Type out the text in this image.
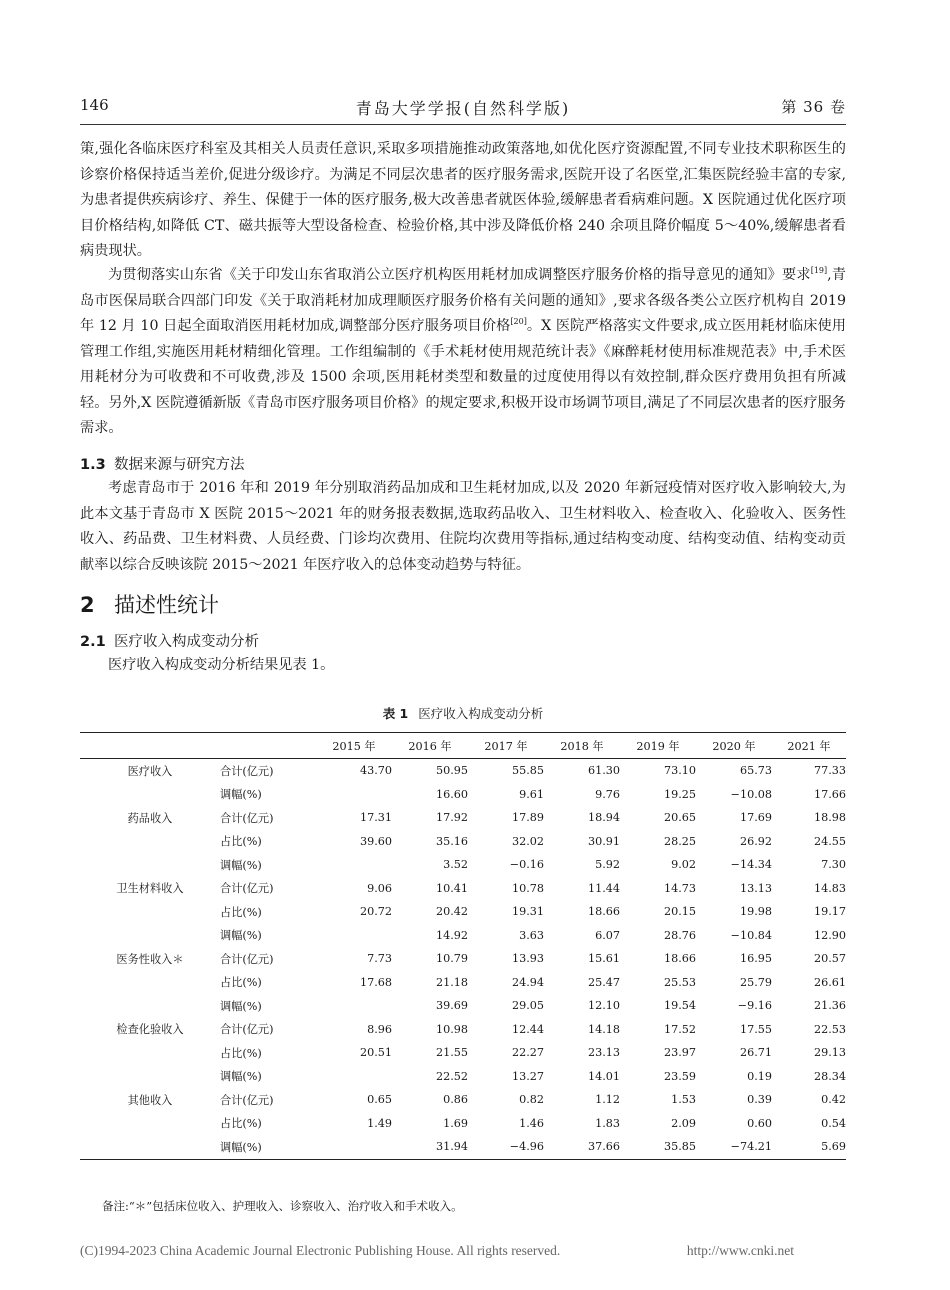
146	青岛大学学报(自然科学版)	第 36 卷

策,强化各临床医疗科室及其相关人员责任意识,采取多项措施推动政策落地,如优化医疗资源配置,不同专业技术职称医生的诊察价格保持适当差价,促进分级诊疗。为满足不同层次患者的医疗服务需求,医院开设了名医堂,汇集医院经验丰富的专家,为患者提供疾病诊疗、养生、保健于一体的医疗服务,极大改善患者就医体验,缓解患者看病难问题。X 医院通过优化医疗项目价格结构,如降低 CT、磁共振等大型设备检查、检验价格,其中涉及降低价格 240 余项且降价幅度 5～40%,缓解患者看病贵现状。

为贯彻落实山东省《关于印发山东省取消公立医疗机构医用耗材加成调整医疗服务价格的指导意见的通知》要求[19],青岛市医保局联合四部门印发《关于取消耗材加成理顺医疗服务价格有关问题的通知》,要求各级各类公立医疗机构自 2019 年 12 月 10 日起全面取消医用耗材加成,调整部分医疗服务项目价格[20]。X 医院严格落实文件要求,成立医用耗材临床使用管理工作组,实施医用耗材精细化管理。工作组编制的《手术耗材使用规范统计表》《麻醉耗材使用标准规范表》中,手术医用耗材分为可收费和不可收费,涉及 1500 余项,医用耗材类型和数量的过度使用得以有效控制,群众医疗费用负担有所减轻。另外,X 医院遵循新版《青岛市医疗服务项目价格》的规定要求,积极开设市场调节项目,满足了不同层次患者的医疗服务需求。

1.3 数据来源与研究方法

考虑青岛市于 2016 年和 2019 年分别取消药品加成和卫生耗材加成,以及 2020 年新冠疫情对医疗收入影响较大,为此本文基于青岛市 X 医院 2015～2021 年的财务报表数据,选取药品收入、卫生材料收入、检查收入、化验收入、医务性收入、药品费、卫生材料费、人员经费、门诊均次费用、住院均次费用等指标,通过结构变动度、结构变动值、结构变动贡献率以综合反映该院 2015～2021 年医疗收入的总体变动趋势与特征。

2 描述性统计
2.1 医疗收入构成变动分析
医疗收入构成变动分析结果见表 1。
表 1 医疗收入构成变动分析
		2015 年	2016 年	2017 年	2018 年	2019 年	2020 年	2021 年
医疗收入	合计(亿元)	43.70	50.95	55.85	61.30	73.10	65.73	77.33
	调幅(%)		16.60	9.61	9.76	19.25	−10.08	17.66
药品收入	合计(亿元)	17.31	17.92	17.89	18.94	20.65	17.69	18.98
	占比(%)	39.60	35.16	32.02	30.91	28.25	26.92	24.55
	调幅(%)		3.52	−0.16	5.92	9.02	−14.34	7.30
卫生材料收入	合计(亿元)	9.06	10.41	10.78	11.44	14.73	13.13	14.83
	占比(%)	20.72	20.42	19.31	18.66	20.15	19.98	19.17
	调幅(%)		14.92	3.63	6.07	28.76	−10.84	12.90
医务性收入＊	合计(亿元)	7.73	10.79	13.93	15.61	18.66	16.95	20.57
	占比(%)	17.68	21.18	24.94	25.47	25.53	25.79	26.61
	调幅(%)		39.69	29.05	12.10	19.54	−9.16	21.36
检查化验收入	合计(亿元)	8.96	10.98	12.44	14.18	17.52	17.55	22.53
	占比(%)	20.51	21.55	22.27	23.13	23.97	26.71	29.13
	调幅(%)		22.52	13.27	14.01	23.59	0.19	28.34
其他收入	合计(亿元)	0.65	0.86	0.82	1.12	1.53	0.39	0.42
	占比(%)	1.49	1.69	1.46	1.83	2.09	0.60	0.54
	调幅(%)		31.94	−4.96	37.66	35.85	−74.21	5.69
备注:“＊”包括床位收入、护理收入、诊察收入、治疗收入和手术收入。
(C)1994-2023 China Academic Journal Electronic Publishing House. All rights reserved.	http://www.cnki.net
